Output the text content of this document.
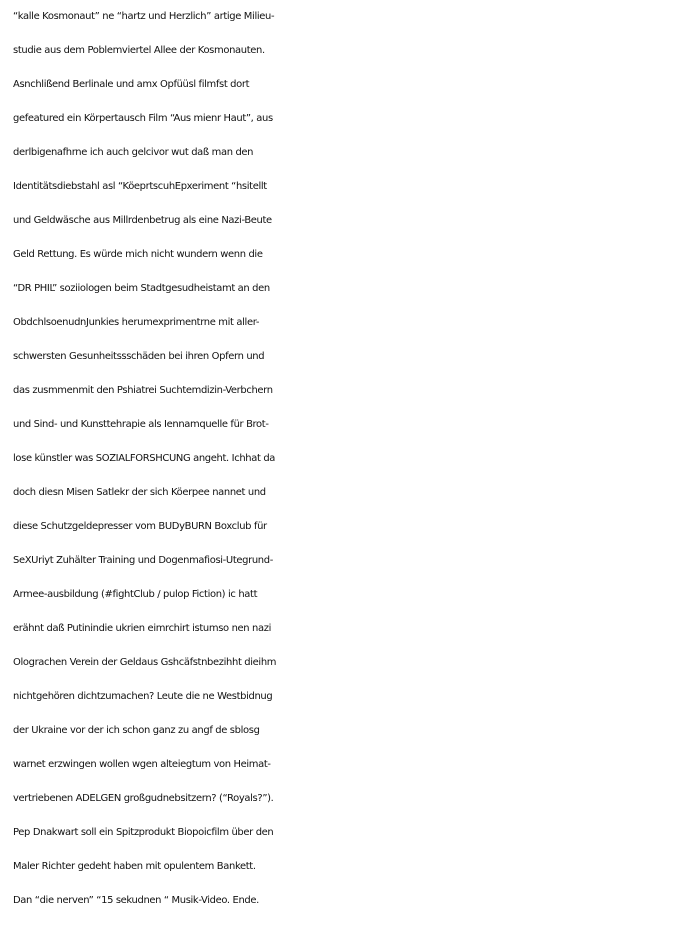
“kalle Kosmonaut” ne “hartz und Herzlich” artige Milieu-
studie aus dem Poblemviertel Allee der Kosmonauten.
Asnchlißend Berlinale und amx Opfüüsl filmfst dort
gefeatured ein Körpertausch Film “Aus mienr Haut”, aus
derlbigenafhrne ich auch gelcivor wut daß man den
Identitätsdiebstahl asl “KöeprtscuhEpxeriment “hsitellt
und Geldwäsche aus Millrdenbetrug als eine Nazi-Beute
Geld Rettung. Es würde mich nicht wundern wenn die
“DR PHIL” soziiologen beim Stadtgesudheistamt an den
ObdchlsoenudnJunkies herumexprimentrne mit aller-
schwersten Gesunheitssschäden bei ihren Opfern und
das zusmmenmit den Pshiatrei Suchtemdizin-Verbchern
und Sind- und Kunsttehrapie als Iennamquelle für Brot-
lose künstler was SOZIALFORSHCUNG angeht. Ichhat da
doch diesn Misen Satlekr der sich Köerpee nannet und
diese Schutzgeldepresser vom BUDyBURN Boxclub für
SeXUriyt Zuhälter Training und Dogenmafiosi-Utegrund-
Armee-ausbildung (#fightClub / pulop Fiction) ic hatt
erähnt daß Putinindie ukrien eimrchirt istumso nen nazi
Olograchen Verein der Geldaus Gshcäfstnbezihht dieihm
nichtgehören dichtzumachen? Leute die ne Westbidnug
der Ukraine vor der ich schon ganz zu angf de sblosg
warnet erzwingen wollen wgen alteiegtum von Heimat-
vertriebenen ADELGEN großgudnebsitzern? (“Royals?”).
Pep Dnakwart soll ein Spitzprodukt Biopoicfilm über den
Maler Richter gedeht haben mit opulentem Bankett.
Dan “die nerven” “15 sekudnen “ Musik-Video. Ende.
